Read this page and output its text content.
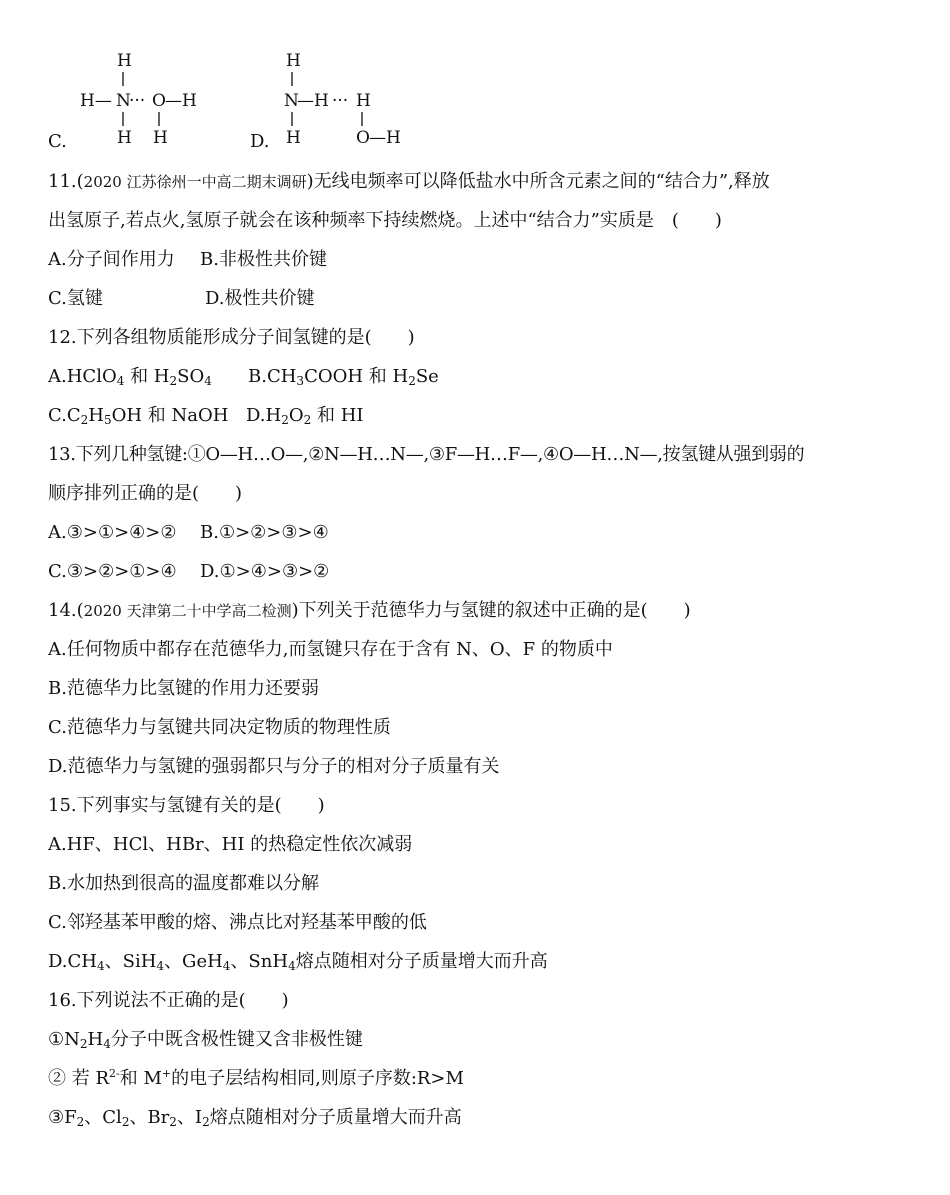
C.
H
H— N
··· O —H
H H	D.
H
N
—H ··· H
H	O —H
11.(2020 江苏徐州一中高二期末调研)无线电频率可以降低盐水中所含元素之间的“结合力”,释放
出氢原子,若点火,氢原子就会在该种频率下持续燃烧。上述中“结合力”实质是　(　　)
A.分子间作用力 B.非极性共价键
C.氢键	D.极性共价键
12.下列各组物质能形成分子间氢键的是(　　)
A.HClO$_4$ 和 $H_2SO_4$ $B.CH_3COOH$ 和 $H_2Se$
$C.C_2H_5OH$ 和 NaOH $D.H_2O_2$ 和 HI
13.下列几种氢键:①O—H…O—,②N—H…N—,③F—H…F—,④O—H…N—,按氢键从强到弱的
顺序排列正确的是(　　)
A.③>①>④>② B.①>②>③>④
C.③>②>①>④ D.①>④>③>②
14.(2020 天津第二十中学高二检测)下列关于范德华力与氢键的叙述中正确的是(　　)
A.任何物质中都存在范德华力,而氢键只存在于含有 N、O、F 的物质中
B.范德华力比氢键的作用力还要弱
C.范德华力与氢键共同决定物质的物理性质
D.范德华力与氢键的强弱都只与分子的相对分子质量有关
15.下列事实与氢键有关的是(　　)
A.HF、HCl、HBr、HI 的热稳定性依次减弱
B.水加热到很高的温度都难以分解
C.邻羟基苯甲酸的熔、沸点比对羟基苯甲酸的低
$D.CH_4$、SiH$_4$、GeH$_4$、SnH$_4$熔点随相对分子质量增大而升高
16.下列说法不正确的是(　　)
$①N_2H_4$分子中既含极性键又含非极性键
② 若 $R^{2-}$和 M+的电子层结构相同,则原子序数:R>M
$③F_2$、$Cl_2$、$Br_2$、$I_2$熔点随相对分子质量增大而升高
